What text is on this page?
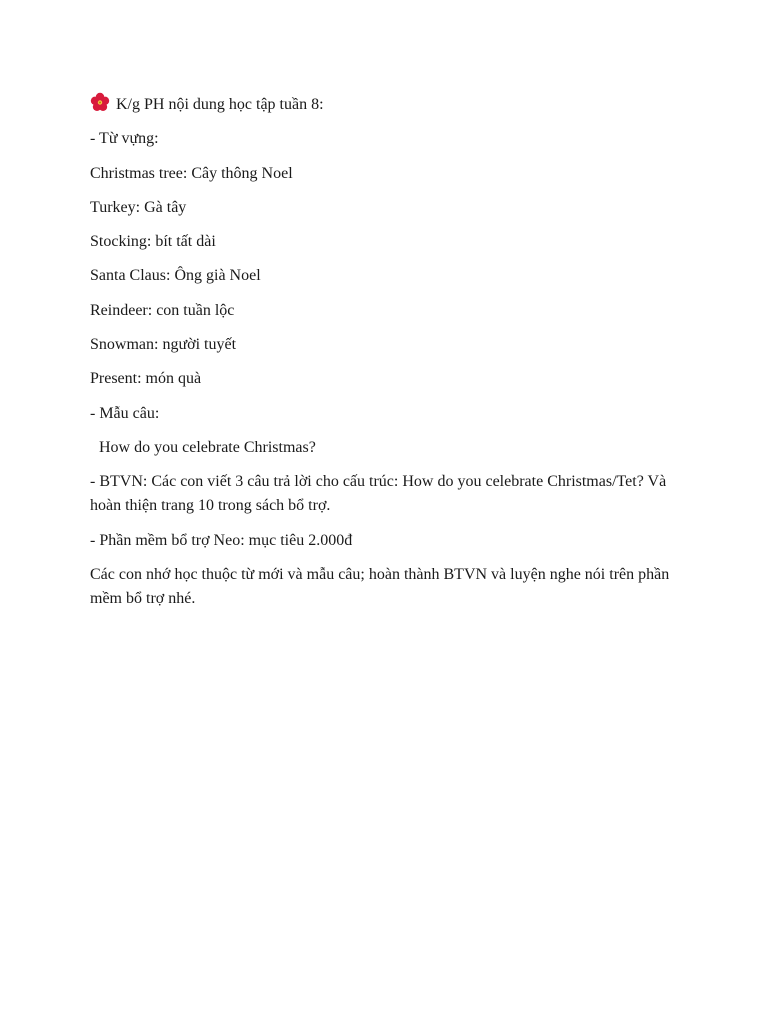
K/g PH nội dung học tập tuần 8:
- Từ vựng:
Christmas tree: Cây thông Noel
Turkey: Gà tây
Stocking: bít tất dài
Santa Claus: Ông già Noel
Reindeer: con tuần lộc
Snowman: người tuyết
Present: món quà
- Mẫu câu:
How do you celebrate Christmas?
- BTVN: Các con viết 3 câu trả lời cho cấu trúc: How do you celebrate Christmas/Tet? Và hoàn thiện trang 10 trong sách bổ trợ.
- Phần mềm bổ trợ Neo: mục tiêu 2.000đ
Các con nhớ học thuộc từ mới và mẫu câu; hoàn thành BTVN và luyện nghe nói trên phần mềm bổ trợ nhé.
